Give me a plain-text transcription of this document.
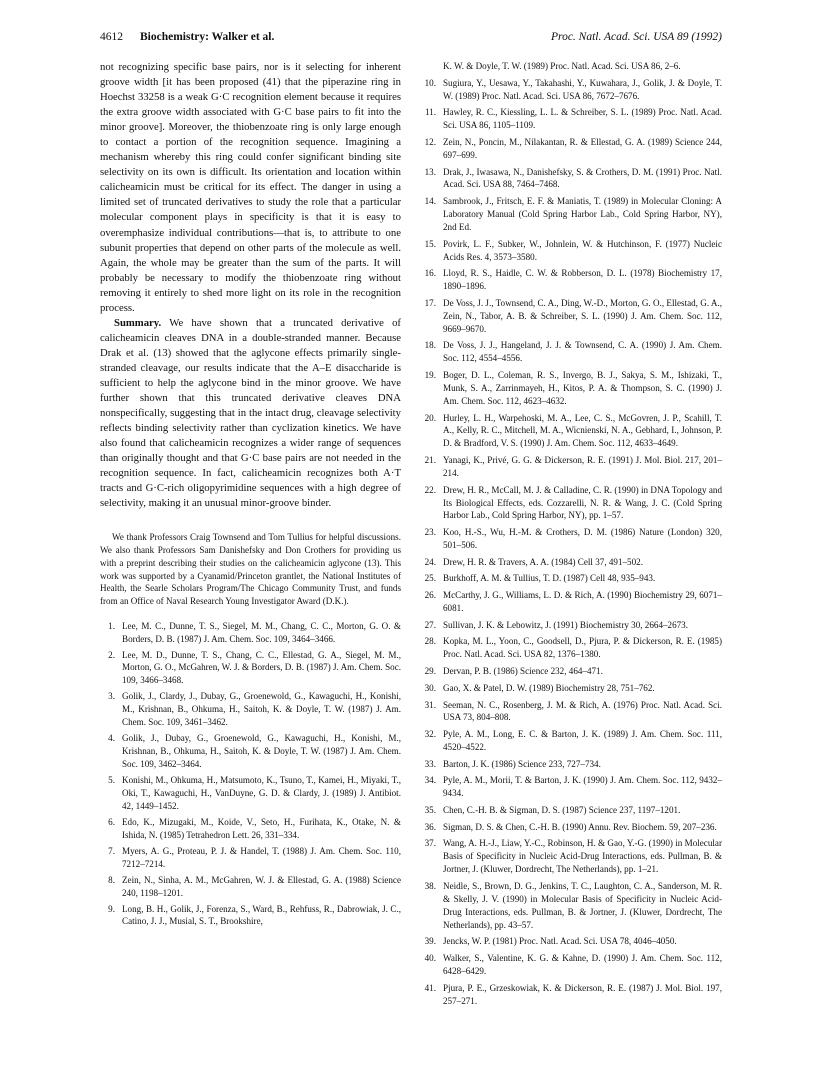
4612 Biochemistry: Walker et al.	Proc. Natl. Acad. Sci. USA 89 (1992)

not recognizing specific base pairs, nor is it selecting for inherent groove width [it has been proposed (41) that the piperazine ring in Hoechst 33258 is a weak G·C recognition element because it requires the extra groove width associated with G·C base pairs to fit into the minor groove]. Moreover, the thiobenzoate ring is only large enough to contact a portion of the recognition sequence. Imagining a mechanism whereby this ring could confer significant binding site selectivity on its own is difficult. Its orientation and location within calicheamicin must be critical for its effect. The danger in using a limited set of truncated derivatives to study the role that a particular molecular component plays in specificity is that it is easy to overemphasize individual contributions—that is, to attribute to one subunit properties that depend on other parts of the molecule as well. Again, the whole may be greater than the sum of the parts. It will probably be necessary to modify the thiobenzoate ring without removing it entirely to shed more light on its role in the recognition process.

Summary. We have shown that a truncated derivative of calicheamicin cleaves DNA in a double-stranded manner. Because Drak et al. (13) showed that the aglycone effects primarily single-stranded cleavage, our results indicate that the A–E disaccharide is sufficient to help the aglycone bind in the minor groove. We have further shown that this truncated derivative cleaves DNA nonspecifically, suggesting that in the intact drug, cleavage selectivity reflects binding selectivity rather than cyclization kinetics. We have also found that calicheamicin recognizes a wider range of sequences than originally thought and that G·C base pairs are not needed in the recognition sequence. In fact, calicheamicin recognizes both A·T tracts and G·C-rich oligopyrimidine sequences with a high degree of selectivity, making it an unusual minor-groove binder.

We thank Professors Craig Townsend and Tom Tullius for helpful discussions. We also thank Professors Sam Danishefsky and Don Crothers for providing us with a preprint describing their studies on the calicheamicin aglycone (13). This work was supported by a Cyanamid/Princeton grantlet, the National Institutes of Health, the Searle Scholars Program/The Chicago Community Trust, and funds from an Office of Naval Research Young Investigator Award (D.K.).

1. Lee, M. C., Dunne, T. S., Siegel, M. M., Chang, C. C., Morton, G. O. & Borders, D. B. (1987) J. Am. Chem. Soc. 109, 3464–3466.
2. Lee, M. D., Dunne, T. S., Chang, C. C., Ellestad, G. A., Siegel, M. M., Morton, G. O., McGahren, W. J. & Borders, D. B. (1987) J. Am. Chem. Soc. 109, 3466–3468.
3. Golik, J., Clardy, J., Dubay, G., Groenewold, G., Kawaguchi, H., Konishi, M., Krishnan, B., Ohkuma, H., Saitoh, K. & Doyle, T. W. (1987) J. Am. Chem. Soc. 109, 3461–3462.
4. Golik, J., Dubay, G., Groenewold, G., Kawaguchi, H., Konishi, M., Krishnan, B., Ohkuma, H., Saitoh, K. & Doyle, T. W. (1987) J. Am. Chem. Soc. 109, 3462–3464.
5. Konishi, M., Ohkuma, H., Matsumoto, K., Tsuno, T., Kamei, H., Miyaki, T., Oki, T., Kawaguchi, H., VanDuyne, G. D. & Clardy, J. (1989) J. Antibiot. 42, 1449–1452.
6. Edo, K., Mizugaki, M., Koide, V., Seto, H., Furihata, K., Otake, N. & Ishida, N. (1985) Tetrahedron Lett. 26, 331–334.
7. Myers, A. G., Proteau, P. J. & Handel, T. (1988) J. Am. Chem. Soc. 110, 7212–7214.
8. Zein, N., Sinha, A. M., McGahren, W. J. & Ellestad, G. A. (1988) Science 240, 1198–1201.
9. Long, B. H., Golik, J., Forenza, S., Ward, B., Rehfuss, R., Dabrowiak, J. C., Catino, J. J., Musial, S. T., Brookshire,
K. W. & Doyle, T. W. (1989) Proc. Natl. Acad. Sci. USA 86, 2–6.
10. Sugiura, Y., Uesawa, Y., Takahashi, Y., Kuwahara, J., Golik, J. & Doyle, T. W. (1989) Proc. Natl. Acad. Sci. USA 86, 7672–7676.
11. Hawley, R. C., Kiessling, L. L. & Schreiber, S. L. (1989) Proc. Natl. Acad. Sci. USA 86, 1105–1109.
12. Zein, N., Poncin, M., Nilakantan, R. & Ellestad, G. A. (1989) Science 244, 697–699.
13. Drak, J., Iwasawa, N., Danishefsky, S. & Crothers, D. M. (1991) Proc. Natl. Acad. Sci. USA 88, 7464–7468.
14. Sambrook, J., Fritsch, E. F. & Maniatis, T. (1989) in Molecular Cloning: A Laboratory Manual (Cold Spring Harbor Lab., Cold Spring Harbor, NY), 2nd Ed.
15. Povirk, L. F., Subker, W., Johnlein, W. & Hutchinson, F. (1977) Nucleic Acids Res. 4, 3573–3580.
16. Lloyd, R. S., Haidle, C. W. & Robberson, D. L. (1978) Biochemistry 17, 1890–1896.
17. De Voss, J. J., Townsend, C. A., Ding, W.-D., Morton, G. O., Ellestad, G. A., Zein, N., Tabor, A. B. & Schreiber, S. L. (1990) J. Am. Chem. Soc. 112, 9669–9670.
18. De Voss, J. J., Hangeland, J. J. & Townsend, C. A. (1990) J. Am. Chem. Soc. 112, 4554–4556.
19. Boger, D. L., Coleman, R. S., Invergo, B. J., Sakya, S. M., Ishizaki, T., Munk, S. A., Zarrinmayeh, H., Kitos, P. A. & Thompson, S. C. (1990) J. Am. Chem. Soc. 112, 4623–4632.
20. Hurley, L. H., Warpehoski, M. A., Lee, C. S., McGovren, J. P., Scahill, T. A., Kelly, R. C., Mitchell, M. A., Wicnienski, N. A., Gebhard, I., Johnson, P. D. & Bradford, V. S. (1990) J. Am. Chem. Soc. 112, 4633–4649.
21. Yanagi, K., Privé, G. G. & Dickerson, R. E. (1991) J. Mol. Biol. 217, 201–214.
22. Drew, H. R., McCall, M. J. & Calladine, C. R. (1990) in DNA Topology and Its Biological Effects, eds. Cozzarelli, N. R. & Wang, J. C. (Cold Spring Harbor Lab., Cold Spring Harbor, NY), pp. 1–57.
23. Koo, H.-S., Wu, H.-M. & Crothers, D. M. (1986) Nature (London) 320, 501–506.
24. Drew, H. R. & Travers, A. A. (1984) Cell 37, 491–502.
25. Burkhoff, A. M. & Tullius, T. D. (1987) Cell 48, 935–943.
26. McCarthy, J. G., Williams, L. D. & Rich, A. (1990) Biochemistry 29, 6071–6081.
27. Sullivan, J. K. & Lebowitz, J. (1991) Biochemistry 30, 2664–2673.
28. Kopka, M. L., Yoon, C., Goodsell, D., Pjura, P. & Dickerson, R. E. (1985) Proc. Natl. Acad. Sci. USA 82, 1376–1380.
29. Dervan, P. B. (1986) Science 232, 464–471.
30. Gao, X. & Patel, D. W. (1989) Biochemistry 28, 751–762.
31. Seeman, N. C., Rosenberg, J. M. & Rich, A. (1976) Proc. Natl. Acad. Sci. USA 73, 804–808.
32. Pyle, A. M., Long, E. C. & Barton, J. K. (1989) J. Am. Chem. Soc. 111, 4520–4522.
33. Barton, J. K. (1986) Science 233, 727–734.
34. Pyle, A. M., Morii, T. & Barton, J. K. (1990) J. Am. Chem. Soc. 112, 9432–9434.
35. Chen, C.-H. B. & Sigman, D. S. (1987) Science 237, 1197–1201.
36. Sigman, D. S. & Chen, C.-H. B. (1990) Annu. Rev. Biochem. 59, 207–236.
37. Wang, A. H.-J., Liaw, Y.-C., Robinson, H. & Gao, Y.-G. (1990) in Molecular Basis of Specificity in Nucleic Acid-Drug Interactions, eds. Pullman, B. & Jortner, J. (Kluwer, Dordrecht, The Netherlands), pp. 1–21.
38. Neidle, S., Brown, D. G., Jenkins, T. C., Laughton, C. A., Sanderson, M. R. & Skelly, J. V. (1990) in Molecular Basis of Specificity in Nucleic Acid-Drug Interactions, eds. Pullman, B. & Jortner, J. (Kluwer, Dordrecht, The Netherlands), pp. 43–57.
39. Jencks, W. P. (1981) Proc. Natl. Acad. Sci. USA 78, 4046–4050.
40. Walker, S., Valentine, K. G. & Kahne, D. (1990) J. Am. Chem. Soc. 112, 6428–6429.
41. Pjura, P. E., Grzeskowiak, K. & Dickerson, R. E. (1987) J. Mol. Biol. 197, 257–271.
